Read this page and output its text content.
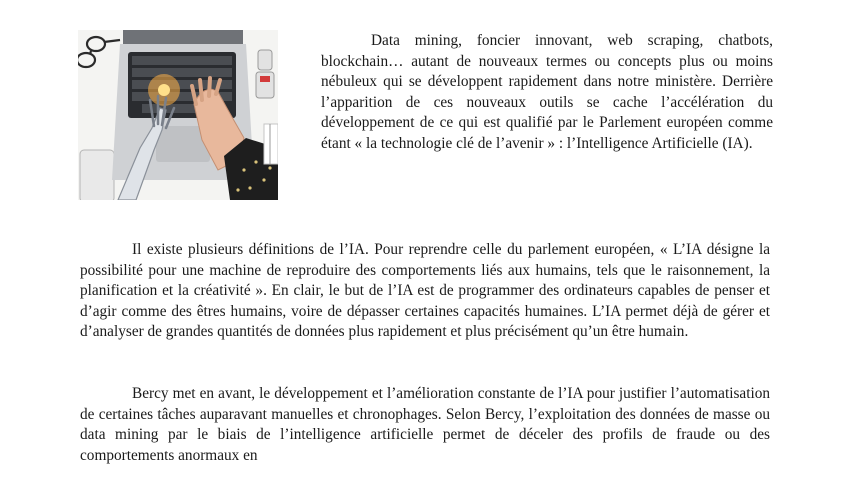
Data mining, foncier innovant, web scraping, chatbots, blockchain… autant de nouveaux termes ou concepts plus ou moins nébuleux qui se développent rapidement dans notre ministère. Derrière l’apparition de ces nouveaux outils se cache l’accélération du développement de ce qui est qualifié par le Parlement européen comme étant « la technologie clé de l’avenir » : l’Intelligence Artificielle (IA).

Il existe plusieurs définitions de l’IA. Pour reprendre celle du parlement européen, « L’IA désigne la possibilité pour une machine de reproduire des comportements liés aux humains, tels que le raisonnement, la planification et la créativité ». En clair, le but de l’IA est de programmer des ordinateurs capables de penser et d’agir comme des êtres humains, voire de dépasser certaines capacités humaines. L’IA permet déjà de gérer et d’analyser de grandes quantités de données plus rapidement et plus précisément qu’un être humain.

Bercy met en avant, le développement et l’amélioration constante de l’IA pour justifier l’automatisation de certaines tâches auparavant manuelles et chronophages. Selon Bercy, l’exploitation des données de masse ou data mining par le biais de l’intelligence artificielle permet de déceler des profils de fraude ou des comportements anormaux en
